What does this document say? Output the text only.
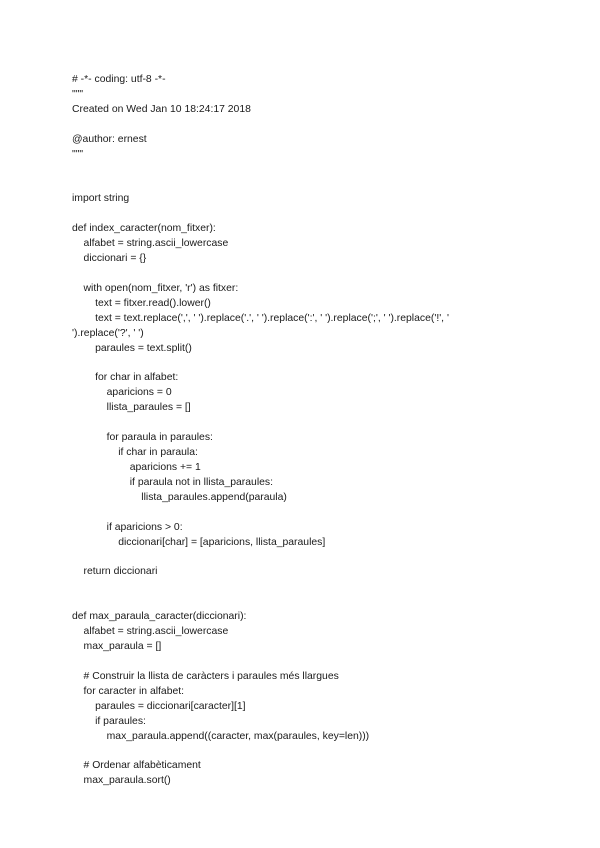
# -*- coding: utf-8 -*-
"""
Created on Wed Jan 10 18:24:17 2018
@author: ernest
"""
import string
def index_caracter(nom_fitxer):
alfabet = string.ascii_lowercase
diccionari = {}
with open(nom_fitxer, 'r') as fitxer:
text = fitxer.read().lower()
text = text.replace(',', ' ').replace('.', ' ').replace(':', ' ').replace(';', ' ').replace('!', '
').replace('?', ' ')
paraules = text.split()
for char in alfabet:
aparicions = 0
llista_paraules = []
for paraula in paraules:
if char in paraula:
aparicions += 1
if paraula not in llista_paraules:
llista_paraules.append(paraula)
if aparicions > 0:
diccionari[char] = [aparicions, llista_paraules]
return diccionari
def max_paraula_caracter(diccionari):
alfabet = string.ascii_lowercase
max_paraula = []
# Construir la llista de caràcters i paraules més llargues
for caracter in alfabet:
paraules = diccionari[caracter][1]
if paraules:
max_paraula.append((caracter, max(paraules, key=len)))
# Ordenar alfabèticament
max_paraula.sort()
